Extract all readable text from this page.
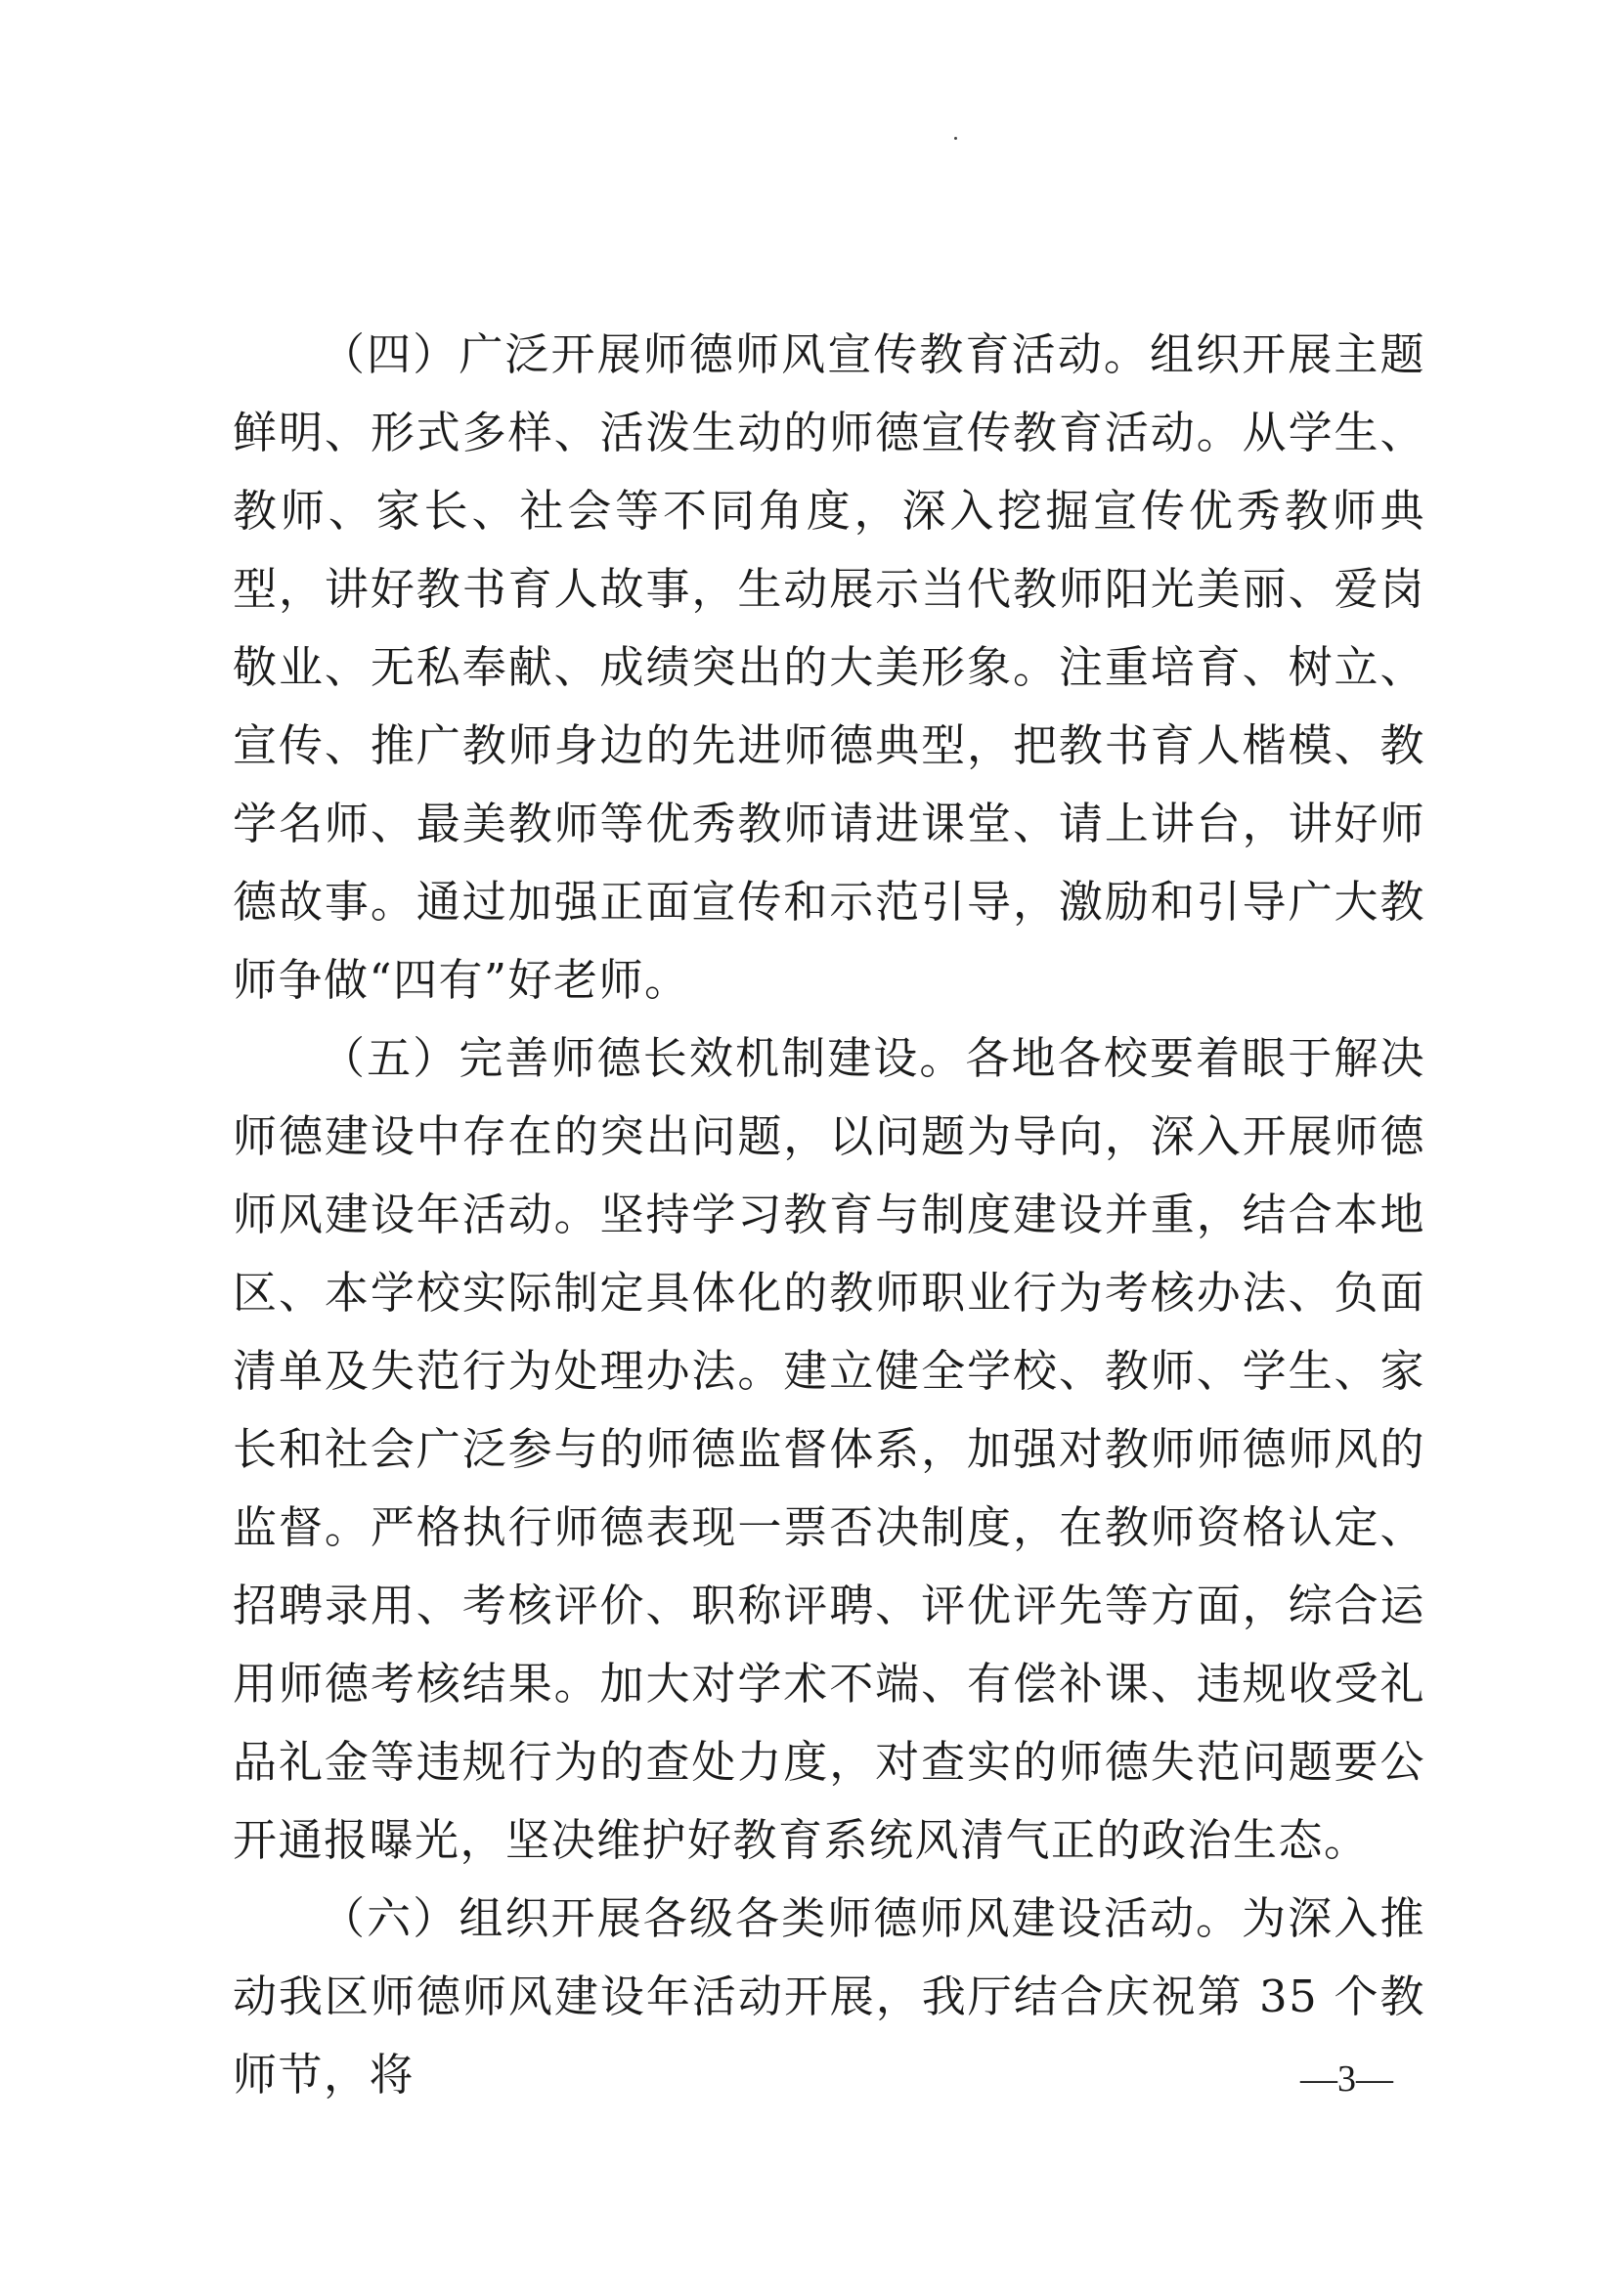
（四）广泛开展师德师风宣传教育活动。组织开展主题鲜明、形式多样、活泼生动的师德宣传教育活动。从学生、教师、家长、社会等不同角度，深入挖掘宣传优秀教师典型，讲好教书育人故事，生动展示当代教师阳光美丽、爱岗敬业、无私奉献、成绩突出的大美形象。注重培育、树立、宣传、推广教师身边的先进师德典型，把教书育人楷模、教学名师、最美教师等优秀教师请进课堂、请上讲台，讲好师德故事。通过加强正面宣传和示范引导，激励和引导广大教师争做“四有”好老师。

（五）完善师德长效机制建设。各地各校要着眼于解决师德建设中存在的突出问题，以问题为导向，深入开展师德师风建设年活动。坚持学习教育与制度建设并重，结合本地区、本学校实际制定具体化的教师职业行为考核办法、负面清单及失范行为处理办法。建立健全学校、教师、学生、家长和社会广泛参与的师德监督体系，加强对教师师德师风的监督。严格执行师德表现一票否决制度，在教师资格认定、招聘录用、考核评价、职称评聘、评优评先等方面，综合运用师德考核结果。加大对学术不端、有偿补课、违规收受礼品礼金等违规行为的查处力度，对查实的师德失范问题要公开通报曝光，坚决维护好教育系统风清气正的政治生态。

（六）组织开展各级各类师德师风建设活动。为深入推动我区师德师风建设年活动开展，我厅结合庆祝第 35 个教师节，将	—3—
